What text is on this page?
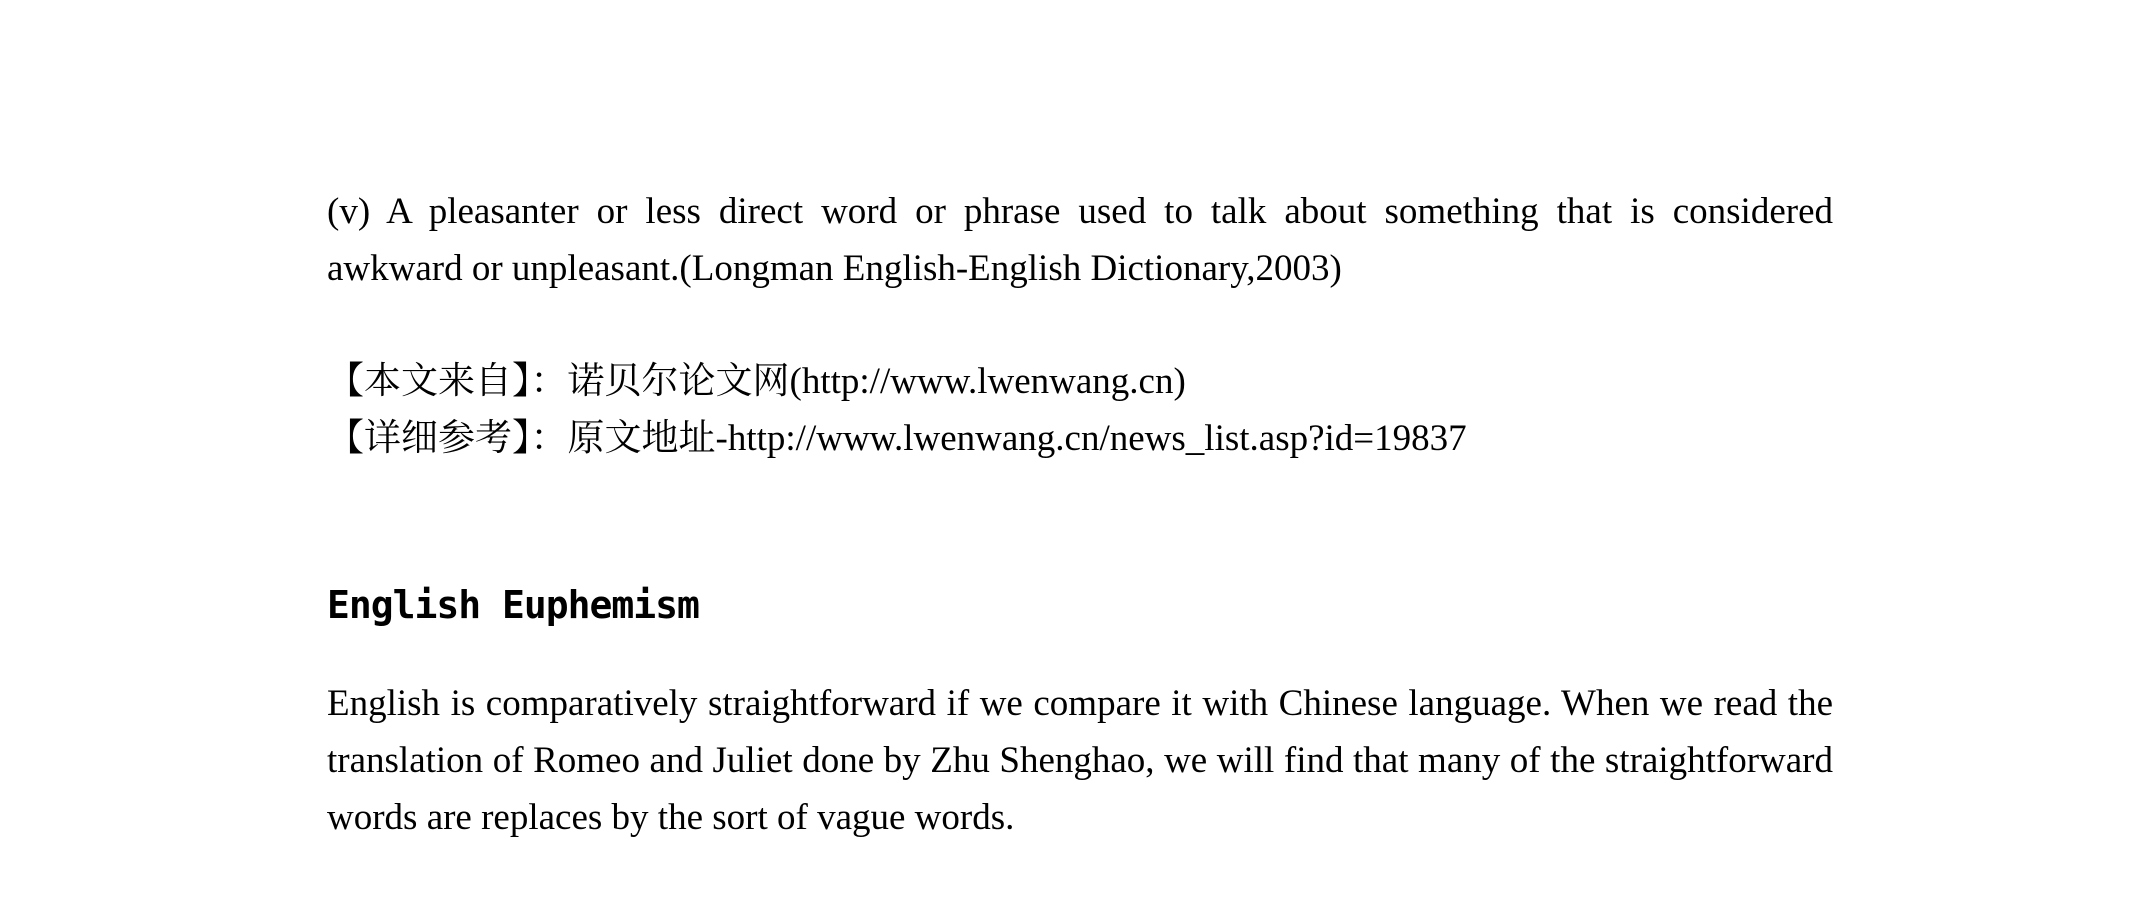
(v) A pleasanter or less direct word or phrase used to talk about something that is considered awkward or unpleasant.(Longman English-English Dictionary,2003)

【本文来自】：诺贝尔论文网(http://www.lwenwang.cn)

【详细参考】：原文地址-http://www.lwenwang.cn/news_list.asp?id=19837

English Euphemism

English is comparatively straightforward if we compare it with Chinese language. When we read the translation of Romeo and Juliet done by Zhu Shenghao, we will find that many of the straightforward words are replaces by the sort of vague words.
